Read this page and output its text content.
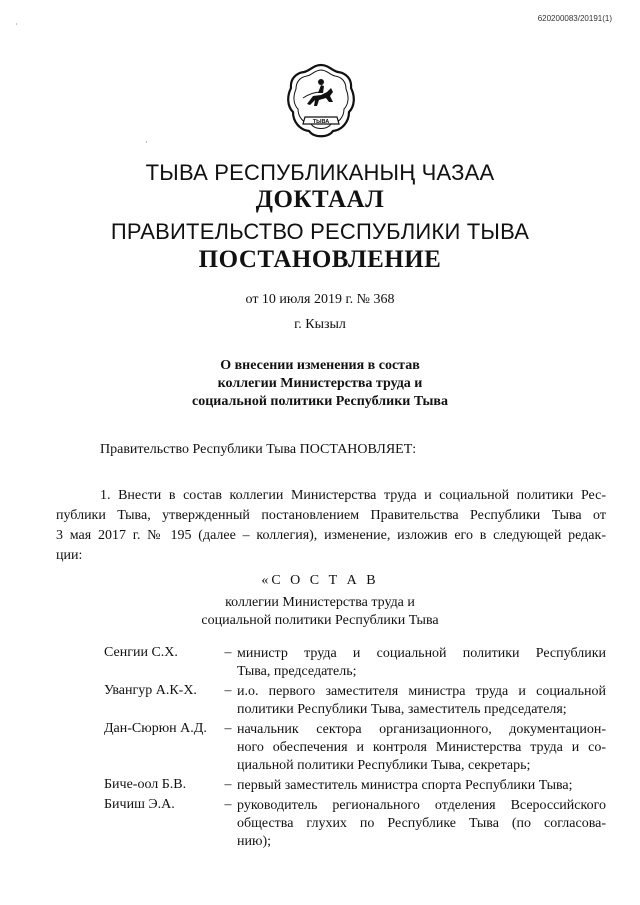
620200083/20191(1)
·
·
ТЫВА
ТЫВА РЕСПУБЛИКАНЫҢ ЧАЗАА
ДОКТААЛ
ПРАВИТЕЛЬСТВО РЕСПУБЛИКИ ТЫВА
ПОСТАНОВЛЕНИЕ
от 10 июля 2019 г. № 368
г. Кызыл
О внесении изменения в состав
коллегии Министерства труда и
социальной политики Республики Тыва
Правительство Республики Тыва ПОСТАНОВЛЯЕТ:
1. Внести в состав коллегии Министерства труда и социальной политики Рес-
публики Тыва, утвержденный постановлением Правительства Республики Тыва от
3 мая 2017 г. № 195 (далее – коллегия), изменение, изложив его в следующей редак-
ции:
«С О С Т А В
коллегии Министерства труда и
социальной политики Республики Тыва
Сенгии С.Х.	– министр труда и социальной политики Республики
Тыва, председатель;
Увангур А.К-Х.	– и.о. первого заместителя министра труда и социальной
политики Республики Тыва, заместитель председателя;
Дан-Сюрюн А.Д.	– начальник сектора организационного, документацион-
ного обеспечения и контроля Министерства труда и со-
циальной политики Республики Тыва, секретарь;
Биче-оол Б.В.	– первый заместитель министра спорта Республики Тыва;
Бичиш Э.А.	– руководитель регионального отделения Всероссийского
общества глухих по Республике Тыва (по согласова-
нию);
